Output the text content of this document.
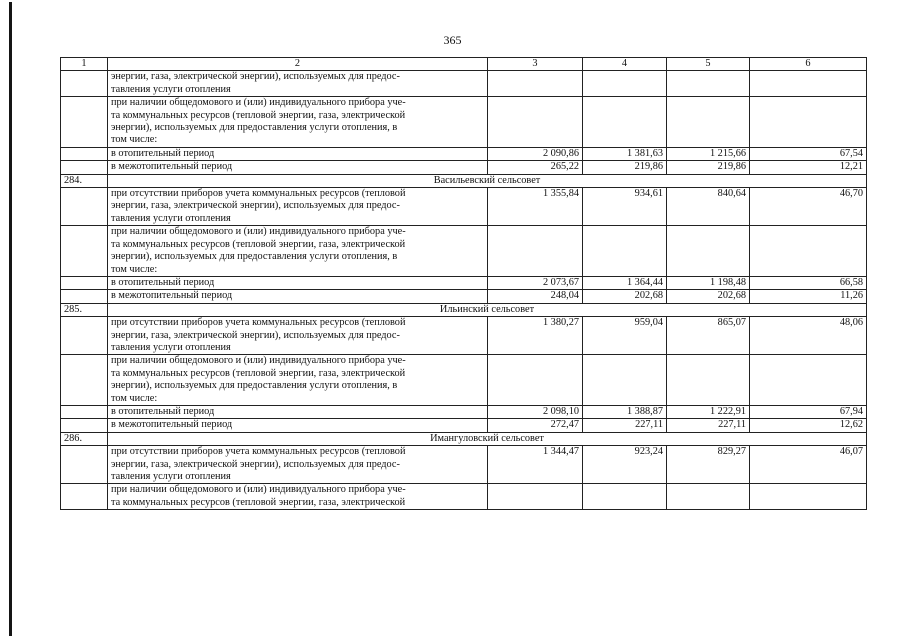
365
1	2	3	4	5	6

	энергии, газа, электрической энергии), используемых для предос-
тавления услуги отопления				

	при наличии общедомового и (или) индивидуального прибора уче-
та коммунальных ресурсов (тепловой энергии, газа, электрической
энергии), используемых для предоставления услуги отопления, в
том числе:				

	в отопительный период	2 090,86	1 381,63	1 215,66	67,54

	в межотопительный период	265,22	219,86	219,86	12,21
284.	Васильевский сельсовет				

	при отсутствии приборов учета коммунальных ресурсов (тепловой
энергии, газа, электрической энергии), используемых для предос-
тавления услуги отопления	1 355,84	934,61	840,64	46,70

	при наличии общедомового и (или) индивидуального прибора уче-
та коммунальных ресурсов (тепловой энергии, газа, электрической
энергии), используемых для предоставления услуги отопления, в
том числе:				

	в отопительный период	2 073,67	1 364,44	1 198,48	66,58

	в межотопительный период	248,04	202,68	202,68	11,26
285.	Ильинский сельсовет				

	при отсутствии приборов учета коммунальных ресурсов (тепловой
энергии, газа, электрической энергии), используемых для предос-
тавления услуги отопления	1 380,27	959,04	865,07	48,06

	при наличии общедомового и (или) индивидуального прибора уче-
та коммунальных ресурсов (тепловой энергии, газа, электрической
энергии), используемых для предоставления услуги отопления, в
том числе:				

	в отопительный период	2 098,10	1 388,87	1 222,91	67,94

	в межотопительный период	272,47	227,11	227,11	12,62
286.	Имангуловский сельсовет				

	при отсутствии приборов учета коммунальных ресурсов (тепловой
энергии, газа, электрической энергии), используемых для предос-
тавления услуги отопления	1 344,47	923,24	829,27	46,07

	при наличии общедомового и (или) индивидуального прибора уче-
та коммунальных ресурсов (тепловой энергии, газа, электрической				
